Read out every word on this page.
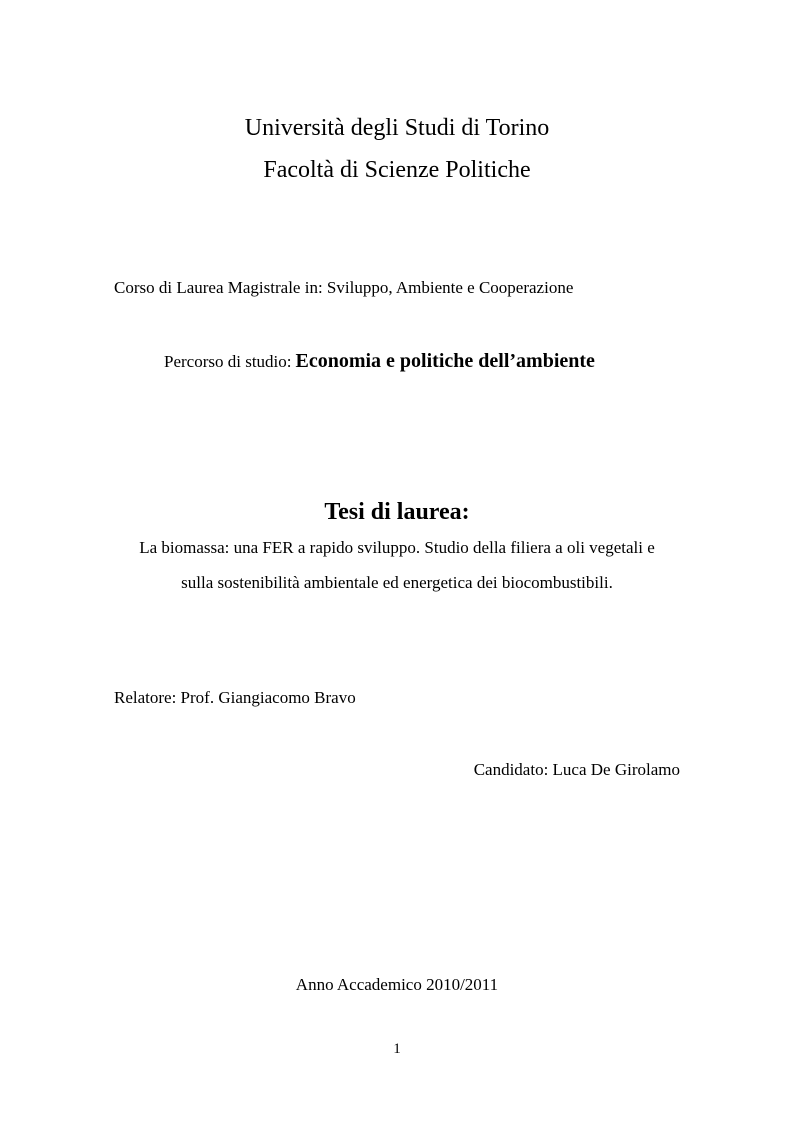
Università degli Studi di Torino
Facoltà di Scienze Politiche
Corso di Laurea Magistrale in: Sviluppo, Ambiente e Cooperazione
Percorso di studio: Economia e politiche dell’ambiente
Tesi di laurea:
La biomassa: una FER a rapido sviluppo. Studio della filiera a oli vegetali e
sulla sostenibilità ambientale ed energetica dei biocombustibili.
Relatore: Prof. Giangiacomo Bravo
Candidato: Luca De Girolamo
Anno Accademico 2010/2011
1
